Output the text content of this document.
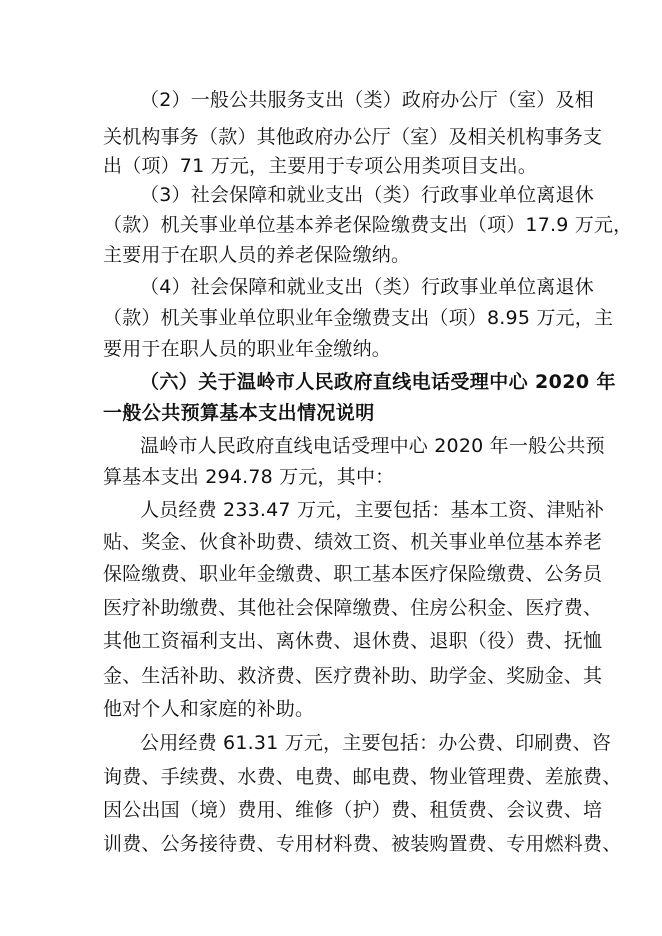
（2）一般公共服务支出（类）政府办公厅（室）及相
关机构事务（款）其他政府办公厅（室）及相关机构事务支
出（项）71 万元，主要用于专项公用类项目支出。
（3）社会保障和就业支出（类）行政事业单位离退休
（款）机关事业单位基本养老保险缴费支出（项）17.9 万元，
主要用于在职人员的养老保险缴纳。
（4）社会保障和就业支出（类）行政事业单位离退休
（款）机关事业单位职业年金缴费支出（项）8.95 万元，主
要用于在职人员的职业年金缴纳。
（六）关于温岭市人民政府直线电话受理中心 2020 年
一般公共预算基本支出情况说明
温岭市人民政府直线电话受理中心 2020 年一般公共预
算基本支出 294.78 万元，其中：
人员经费 233.47 万元，主要包括：基本工资、津贴补
贴、奖金、伙食补助费、绩效工资、机关事业单位基本养老
保险缴费、职业年金缴费、职工基本医疗保险缴费、公务员
医疗补助缴费、其他社会保障缴费、住房公积金、医疗费、
其他工资福利支出、离休费、退休费、退职（役）费、抚恤
金、生活补助、救济费、医疗费补助、助学金、奖励金、其
他对个人和家庭的补助。
公用经费 61.31 万元，主要包括：办公费、印刷费、咨
询费、手续费、水费、电费、邮电费、物业管理费、差旅费、
因公出国（境）费用、维修（护）费、租赁费、会议费、培
训费、公务接待费、专用材料费、被装购置费、专用燃料费、
